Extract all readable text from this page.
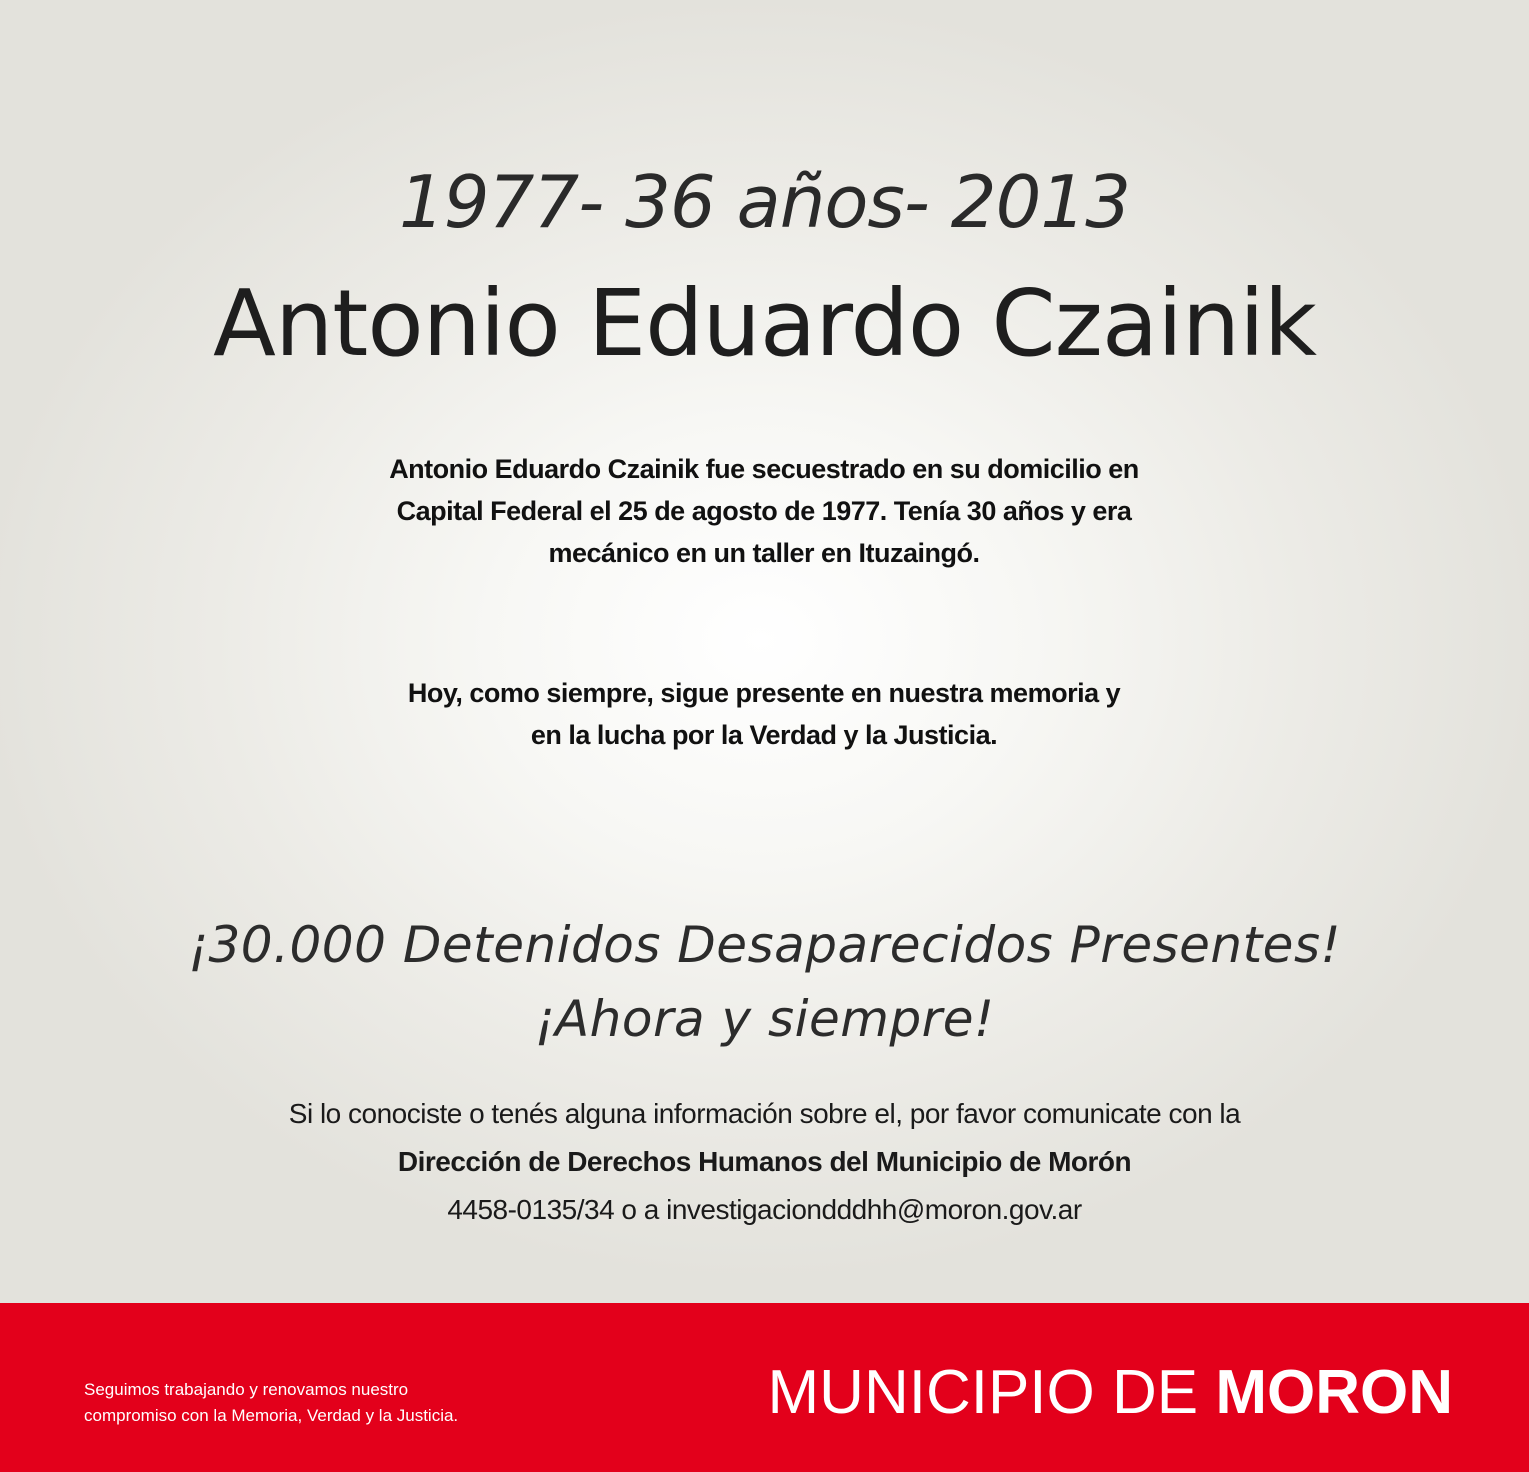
1977- 36 años- 2013
Antonio Eduardo Czainik
Antonio Eduardo Czainik fue secuestrado en su domicilio en
Capital Federal el 25 de agosto de 1977. Tenía 30 años y era
mecánico en un taller en Ituzaingó.
Hoy, como siempre, sigue presente en nuestra memoria y
en la lucha por la Verdad y la Justicia.
¡30.000 Detenidos Desaparecidos Presentes!
¡Ahora y siempre!
Si lo conociste o tenés alguna información sobre el, por favor comunicate con la
Dirección de Derechos Humanos del Municipio de Morón
4458-0135/34 o a investigaciondddhh@moron.gov.ar
Seguimos trabajando y renovamos nuestro
compromiso con la Memoria, Verdad y la Justicia.	MUNICIPIO DE MORON
